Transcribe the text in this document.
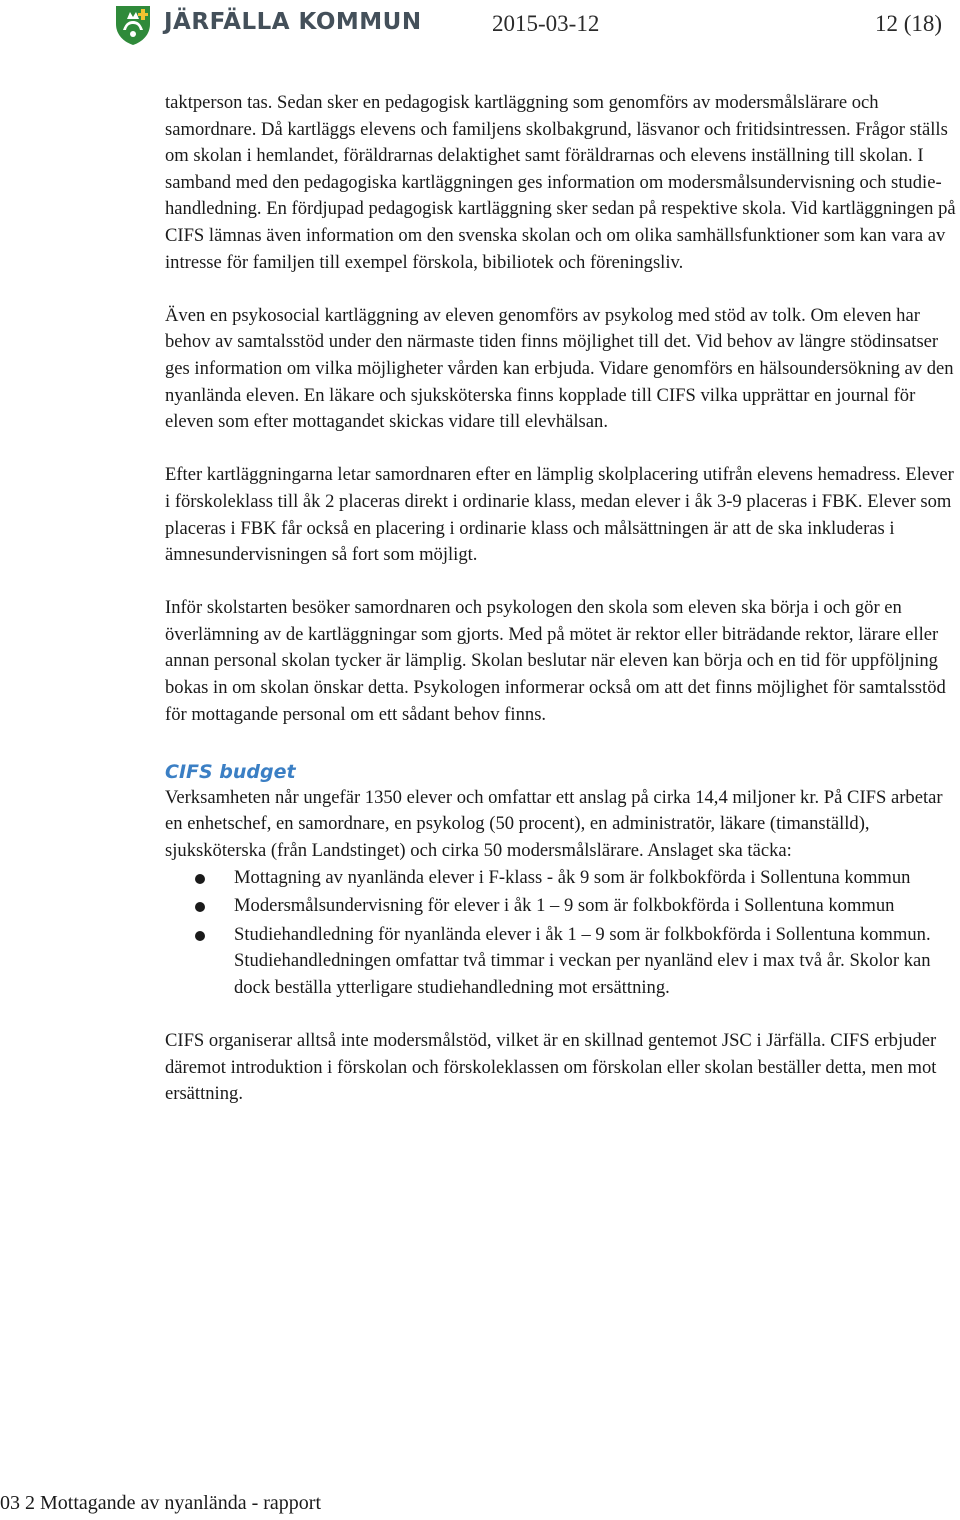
JÄRFÄLLA KOMMUN	2015-03-12	12 (18)

taktperson tas. Sedan sker en pedagogisk kartläggning som genomförs av modersmålslärare och samordnare. Då kartläggs elevens och familjens skolbakgrund, läsvanor och fritidsintressen. Frågor ställs om skolan i hemlandet, föräldrarnas delaktighet samt föräldrarnas och elevens inställning till skolan. I samband med den pedagogiska kartläggningen ges information om modersmålsundervisning och studiehandledning. En fördjupad pedagogisk kartläggning sker sedan på respektive skola. Vid kartläggningen på CIFS lämnas även information om den svenska skolan och om olika samhällsfunktioner som kan vara av intresse för familjen till exempel förskola, bibiliotek och föreningsliv.

Även en psykosocial kartläggning av eleven genomförs av psykolog med stöd av tolk. Om eleven har behov av samtalsstöd under den närmaste tiden finns möjlighet till det. Vid behov av längre stödinsatser ges information om vilka möjligheter vården kan erbjuda. Vidare genomförs en hälsoundersökning av den nyanlända eleven. En läkare och sjuksköterska finns kopplade till CIFS vilka upprättar en journal för eleven som efter mottagandet skickas vidare till elevhälsan.

Efter kartläggningarna letar samordnaren efter en lämplig skolplacering utifrån elevens hemadress. Elever i förskoleklass till åk 2 placeras direkt i ordinarie klass, medan elever i åk 3-9 placeras i FBK. Elever som placeras i FBK får också en placering i ordinarie klass och målsättningen är att de ska inkluderas i ämnesundervisningen så fort som möjligt.

Inför skolstarten besöker samordnaren och psykologen den skola som eleven ska börja i och gör en överlämning av de kartläggningar som gjorts. Med på mötet är rektor eller biträdande rektor, lärare eller annan personal skolan tycker är lämplig. Skolan beslutar när eleven kan börja och en tid för uppföljning bokas in om skolan önskar detta. Psykologen informerar också om att det finns möjlighet för samtalsstöd för mottagande personal om ett sådant behov finns.

CIFS budget

Verksamheten når ungefär 1350 elever och omfattar ett anslag på cirka 14,4 miljoner kr. På CIFS arbetar en enhetschef, en samordnare, en psykolog (50 procent), en administratör, läkare (timanställd), sjuksköterska (från Landstinget) och cirka 50 modersmålslärare. Anslaget ska täcka:

Mottagning av nyanlända elever i F-klass - åk 9 som är folkbokförda i Sollentuna kommun
Modersmålsundervisning för elever i åk 1 – 9 som är folkbokförda i Sollentuna kommun
Studiehandledning för nyanlända elever i åk 1 – 9 som är folkbokförda i Sollentuna kommun. Studiehandledningen omfattar två timmar i veckan per nyanländ elev i max två år. Skolor kan dock beställa ytterligare studiehandledning mot ersättning.

CIFS organiserar alltså inte modersmålstöd, vilket är en skillnad gentemot JSC i Järfälla. CIFS erbjuder däremot introduktion i förskolan och förskoleklassen om förskolan eller skolan beställer detta, men mot ersättning.

03 2 Mottagande av nyanlända - rapport
